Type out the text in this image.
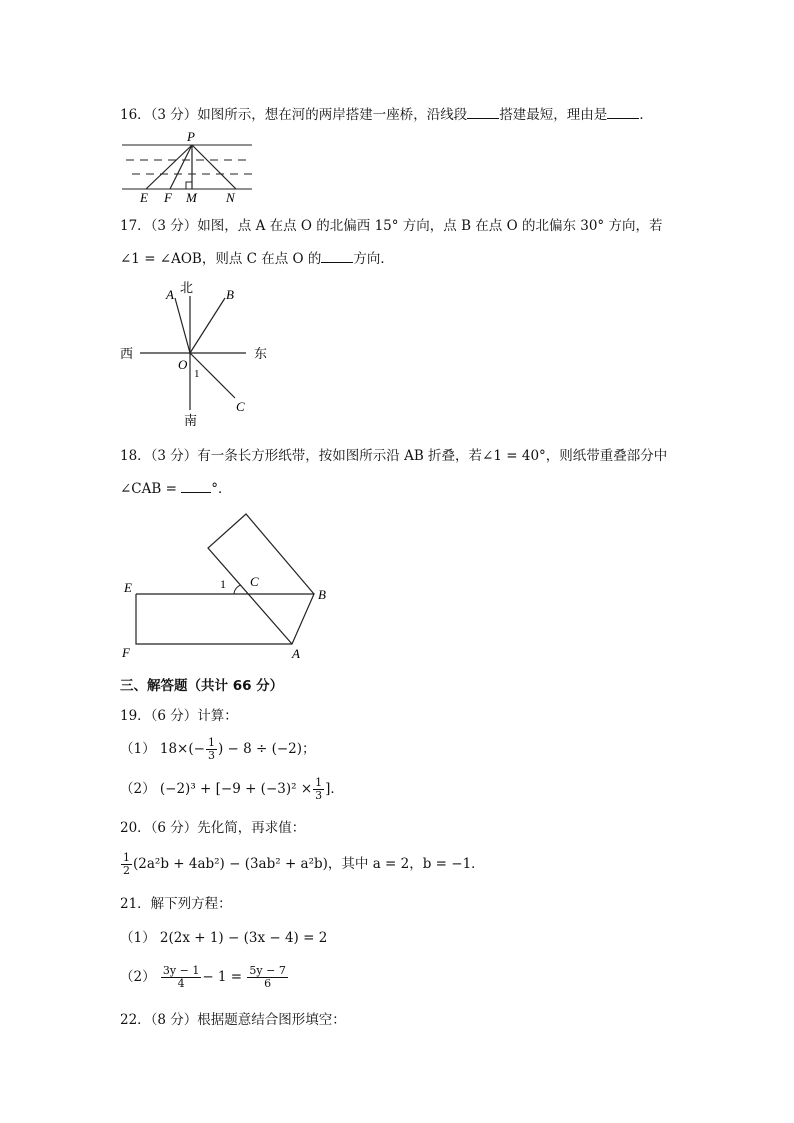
16．（3 分）如图所示，想在河的两岸搭建一座桥，沿线段 搭建最短，理由是 ．
P
E F M N
17．（3 分）如图，点 A 在点 O 的北偏西 15° 方向，点 B 在点 O 的北偏东 30° 方向，若
∠1 = ∠AOB，则点 C 在点 O 的 方向．
北
南
西	东
A	B
C
O
1
18．（3 分）有一条长方形纸带，按如图所示沿 AB 折叠，若∠1 = 40°，则纸带重叠部分中
∠CAB =	°．
E
F	A
B
C
1
三、解答题（共计 66 分）
19．（6 分）计算：
（1） $18\times(- \frac{1}{3}$ ) − 8 ÷ (−2)；
（2） $(-2)^3 + [-9 + (-3)^2 \times \frac{1}{3}$ ]．
20．（6 分）先化简，再求值：
$\frac{1}{2} (2a^2b + 4ab^2) - (3ab^2 + a^2b)$，其中 a = 2，b = −1．
21．解下列方程：
（1） 2(2x + 1) − (3x − 4) = 2
$(2) \frac{3y - 1}{4} - 1 = \frac{5y - 7}{6}$
22．（8 分）根据题意结合图形填空：
